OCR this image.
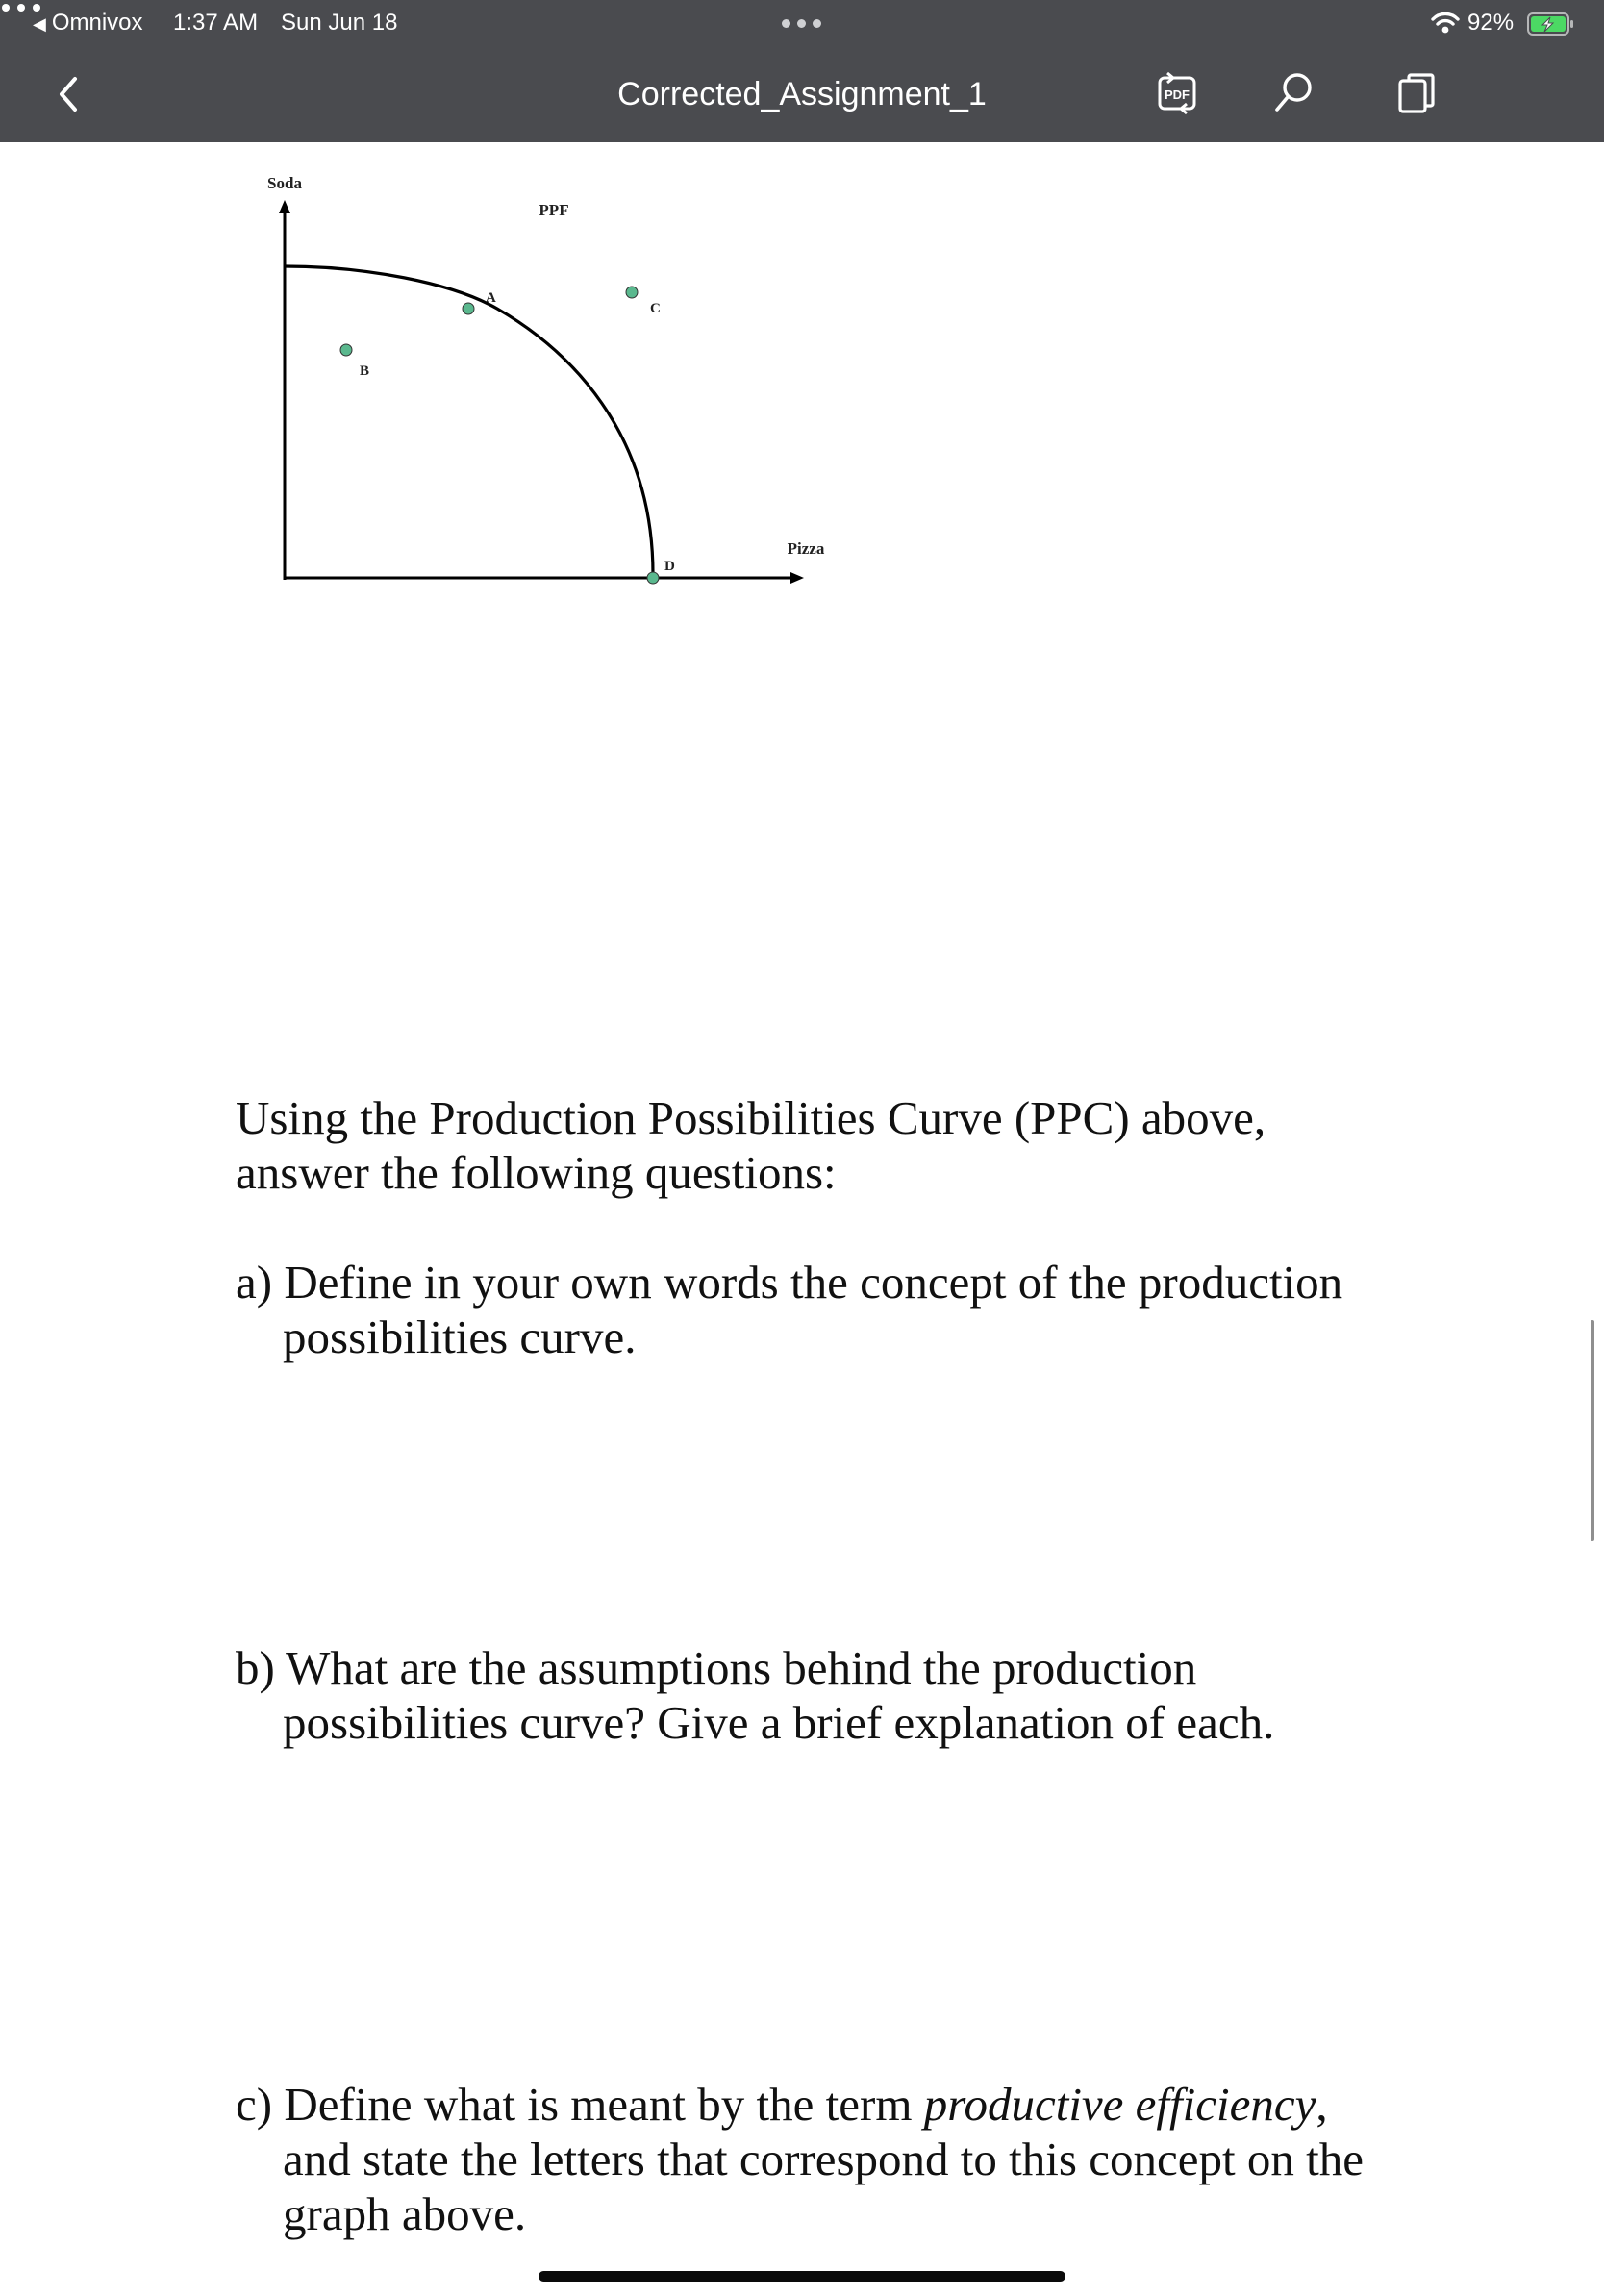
◀ Omnivox 1:37 AM Sun Jun 18	92%
Corrected_Assignment_1	PDF
Soda
Pizza
PPF
A
B
C
D

Using the Production Possibilities Curve (PPC) above,
answer the following questions:

a) Define in your own words the concept of the production
possibilities curve.

b) What are the assumptions behind the production
possibilities curve? Give a brief explanation of each.

c) Define what is meant by the term productive efficiency,
and state the letters that correspond to this concept on the
graph above.
